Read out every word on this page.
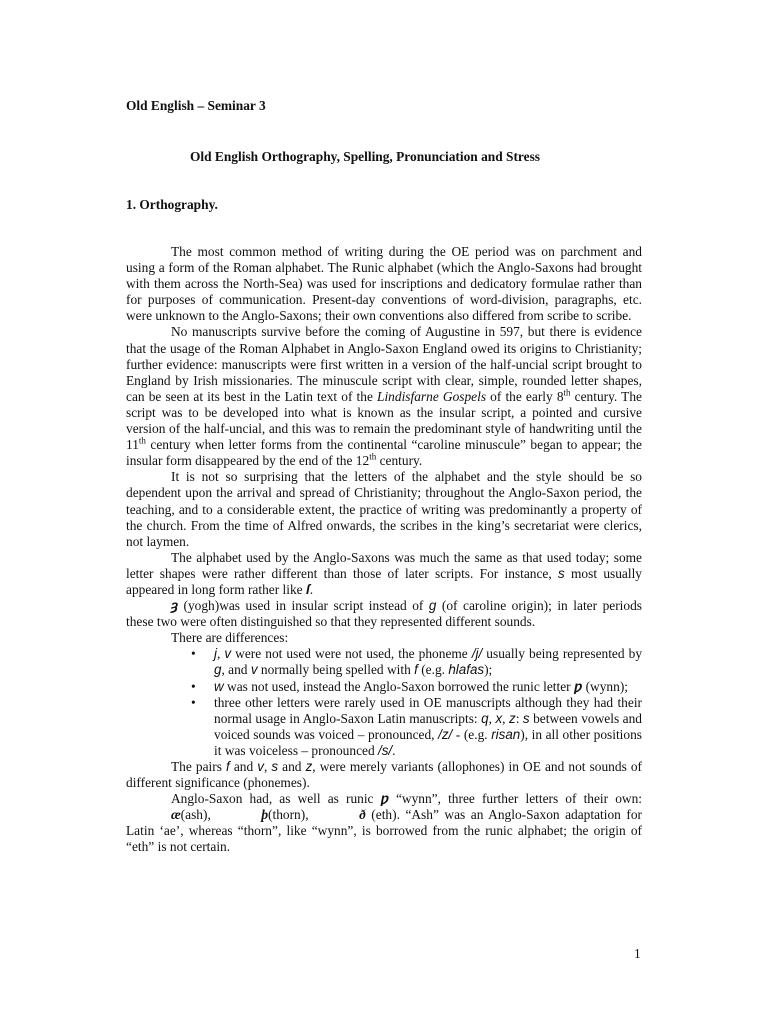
Old English – Seminar 3
Old English Orthography, Spelling, Pronunciation and Stress
1. Orthography.

The most common method of writing during the OE period was on parchment and using a form of the Roman alphabet. The Runic alphabet (which the Anglo-Saxons had brought with them across the North-Sea) was used for inscriptions and dedicatory formulae rather than for purposes of communication. Present-day conventions of word-division, paragraphs, etc. were unknown to the Anglo-Saxons; their own conventions also differed from scribe to scribe.

No manuscripts survive before the coming of Augustine in 597, but there is evidence that the usage of the Roman Alphabet in Anglo-Saxon England owed its origins to Christianity; further evidence: manuscripts were first written in a version of the half-uncial script brought to England by Irish missionaries. The minuscule script with clear, simple, rounded letter shapes, can be seen at its best in the Latin text of the Lindisfarne Gospels of the early 8th century. The script was to be developed into what is known as the insular script, a pointed and cursive version of the half-uncial, and this was to remain the predominant style of handwriting until the 11th century when letter forms from the continental “caroline minuscule” began to appear; the insular form disappeared by the end of the 12th century.

It is not so surprising that the letters of the alphabet and the style should be so dependent upon the arrival and spread of Christianity; throughout the Anglo-Saxon period, the teaching, and to a considerable extent, the practice of writing was predominantly a property of the church. From the time of Alfred onwards, the scribes in the king’s secretariat were clerics, not laymen.

The alphabet used by the Anglo-Saxons was much the same as that used today; some letter shapes were rather different than those of later scripts. For instance, s most usually appeared in long form rather like ſ.

ȝ (yogh)was used in insular script instead of g (of caroline origin); in later periods these two were often distinguished so that they represented different sounds.

There are differences:

• j, v were not used were not used, the phoneme /j/ usually being represented by g, and v normally being spelled with f (e.g. hlafas);
• w was not used, instead the Anglo-Saxon borrowed the runic letter ƿ (wynn);
• three other letters were rarely used in OE manuscripts although they had their normal usage in Anglo-Saxon Latin manuscripts: q, x, z: s between vowels and voiced sounds was voiced – pronounced, /z/ - (e.g. risan), in all other positions it was voiceless – pronounced /s/.

The pairs f and v, s and z, were merely variants (allophones) in OE and not sounds of different significance (phonemes).

Anglo-Saxon had, as well as runic ƿ “wynn”, three further letters of their own: æ(ash),	þ(thorn),	ð (eth). “Ash” was an Anglo-Saxon adaptation for Latin ‘ae’, whereas “thorn”, like “wynn”, is borrowed from the runic alphabet; the origin of “eth” is not certain.

1
